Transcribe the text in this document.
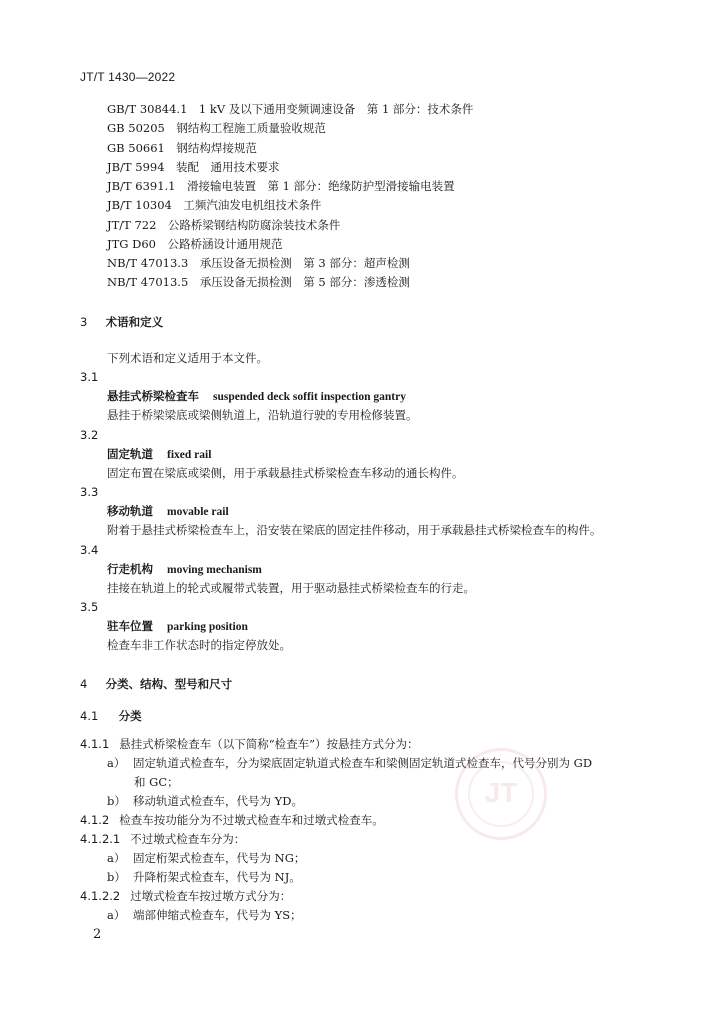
JT/T 1430—2022
GB/T 30844.1　1 kV 及以下通用变频调速设备　第 1 部分：技术条件
GB 50205　钢结构工程施工质量验收规范
GB 50661　钢结构焊接规范
JB/T 5994　装配　通用技术要求
JB/T 6391.1　滑接输电装置　第 1 部分：绝缘防护型滑接输电装置
JB/T 10304　工频汽油发电机组技术条件
JT/T 722　公路桥梁钢结构防腐涂装技术条件
JTG D60　公路桥涵设计通用规范
NB/T 47013.3　承压设备无损检测　第 3 部分：超声检测
NB/T 47013.5　承压设备无损检测　第 5 部分：渗透检测
3 术语和定义
下列术语和定义适用于本文件。
3.1
悬挂式桥梁检查车 suspended deck soffit inspection gantry
悬挂于桥梁梁底或梁侧轨道上，沿轨道行驶的专用检修装置。
3.2
固定轨道 fixed rail
固定布置在梁底或梁侧，用于承载悬挂式桥梁检查车移动的通长构件。
3.3
移动轨道 movable rail
附着于悬挂式桥梁检查车上，沿安装在梁底的固定挂件移动，用于承载悬挂式桥梁检查车的构件。
3.4
行走机构 moving mechanism
挂接在轨道上的轮式或履带式装置，用于驱动悬挂式桥梁检查车的行走。
3.5
驻车位置 parking position
检查车非工作状态时的指定停放处。
4 分类、结构、型号和尺寸
4.1 分类
4.1.1 悬挂式桥梁检查车（以下简称“检查车”）按悬挂方式分为：
a） 固定轨道式检查车，分为梁底固定轨道式检查车和梁侧固定轨道式检查车，代号分别为 GD
和 GC；
b） 移动轨道式检查车，代号为 YD。
4.1.2 检查车按功能分为不过墩式检查车和过墩式检查车。
4.1.2.1 不过墩式检查车分为：
a） 固定桁架式检查车，代号为 NG；
b） 升降桁架式检查车，代号为 NJ。
4.1.2.2 过墩式检查车按过墩方式分为：
a） 端部伸缩式检查车，代号为 YS；
JT
2
